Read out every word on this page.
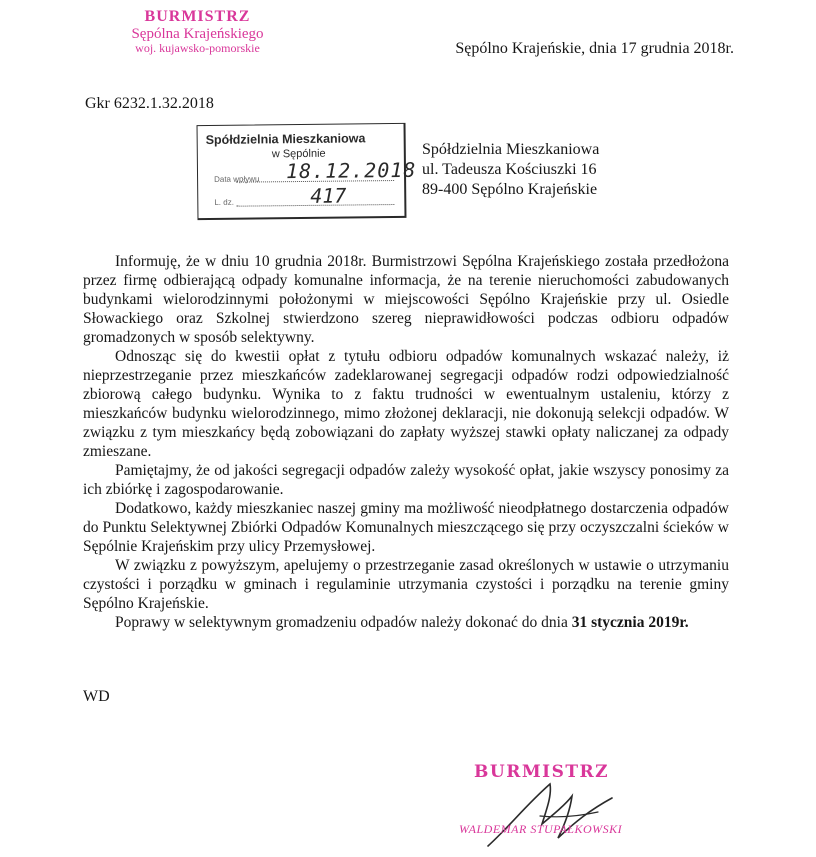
BURMISTRZ
Sępólna Krajeńskiego
woj. kujawsko-pomorskie	Sępólno Krajeńskie, dnia 17 grudnia 2018r.
Gkr 6232.1.32.2018
Spółdzielnia Mieszkaniowa
w Sępólnie
Data wpływu 18.12.2018
L. dz.	417
Spółdzielnia Mieszkaniowa
ul. Tadeusza Kościuszki 16
89-400 Sępólno Krajeńskie

Informuję, że w dniu 10 grudnia 2018r. Burmistrzowi Sępólna Krajeńskiego została przedłożona przez firmę odbierającą odpady komunalne informacja, że na terenie nieruchomości zabudowanych budynkami wielorodzinnymi położonymi w miejscowości Sępólno Krajeńskie przy ul. Osiedle Słowackiego oraz Szkolnej stwierdzono szereg nieprawidłowości podczas odbioru odpadów gromadzonych w sposób selektywny.

Odnosząc się do kwestii opłat z tytułu odbioru odpadów komunalnych wskazać należy, iż nieprzestrzeganie przez mieszkańców zadeklarowanej segregacji odpadów rodzi odpowiedzialność zbiorową całego budynku. Wynika to z faktu trudności w ewentualnym ustaleniu, którzy z mieszkańców budynku wielorodzinnego, mimo złożonej deklaracji, nie dokonują selekcji odpadów. W związku z tym mieszkańcy będą zobowiązani do zapłaty wyższej stawki opłaty naliczanej za odpady zmieszane.

Pamiętajmy, że od jakości segregacji odpadów zależy wysokość opłat, jakie wszyscy ponosimy za ich zbiórkę i zagospodarowanie.

Dodatkowo, każdy mieszkaniec naszej gminy ma możliwość nieodpłatnego dostarczenia odpadów do Punktu Selektywnej Zbiórki Odpadów Komunalnych mieszczącego się przy oczyszczalni ścieków w Sępólnie Krajeńskim przy ulicy Przemysłowej.

W związku z powyższym, apelujemy o przestrzeganie zasad określonych w ustawie o utrzymaniu czystości i porządku w gminach i regulaminie utrzymania czystości i porządku na terenie gminy Sępólno Krajeńskie.

Poprawy w selektywnym gromadzeniu odpadów należy dokonać do dnia 31 stycznia 2019r.

WD
BURMISTRZ
WALDEMAR STUPAŁKOWSKI
